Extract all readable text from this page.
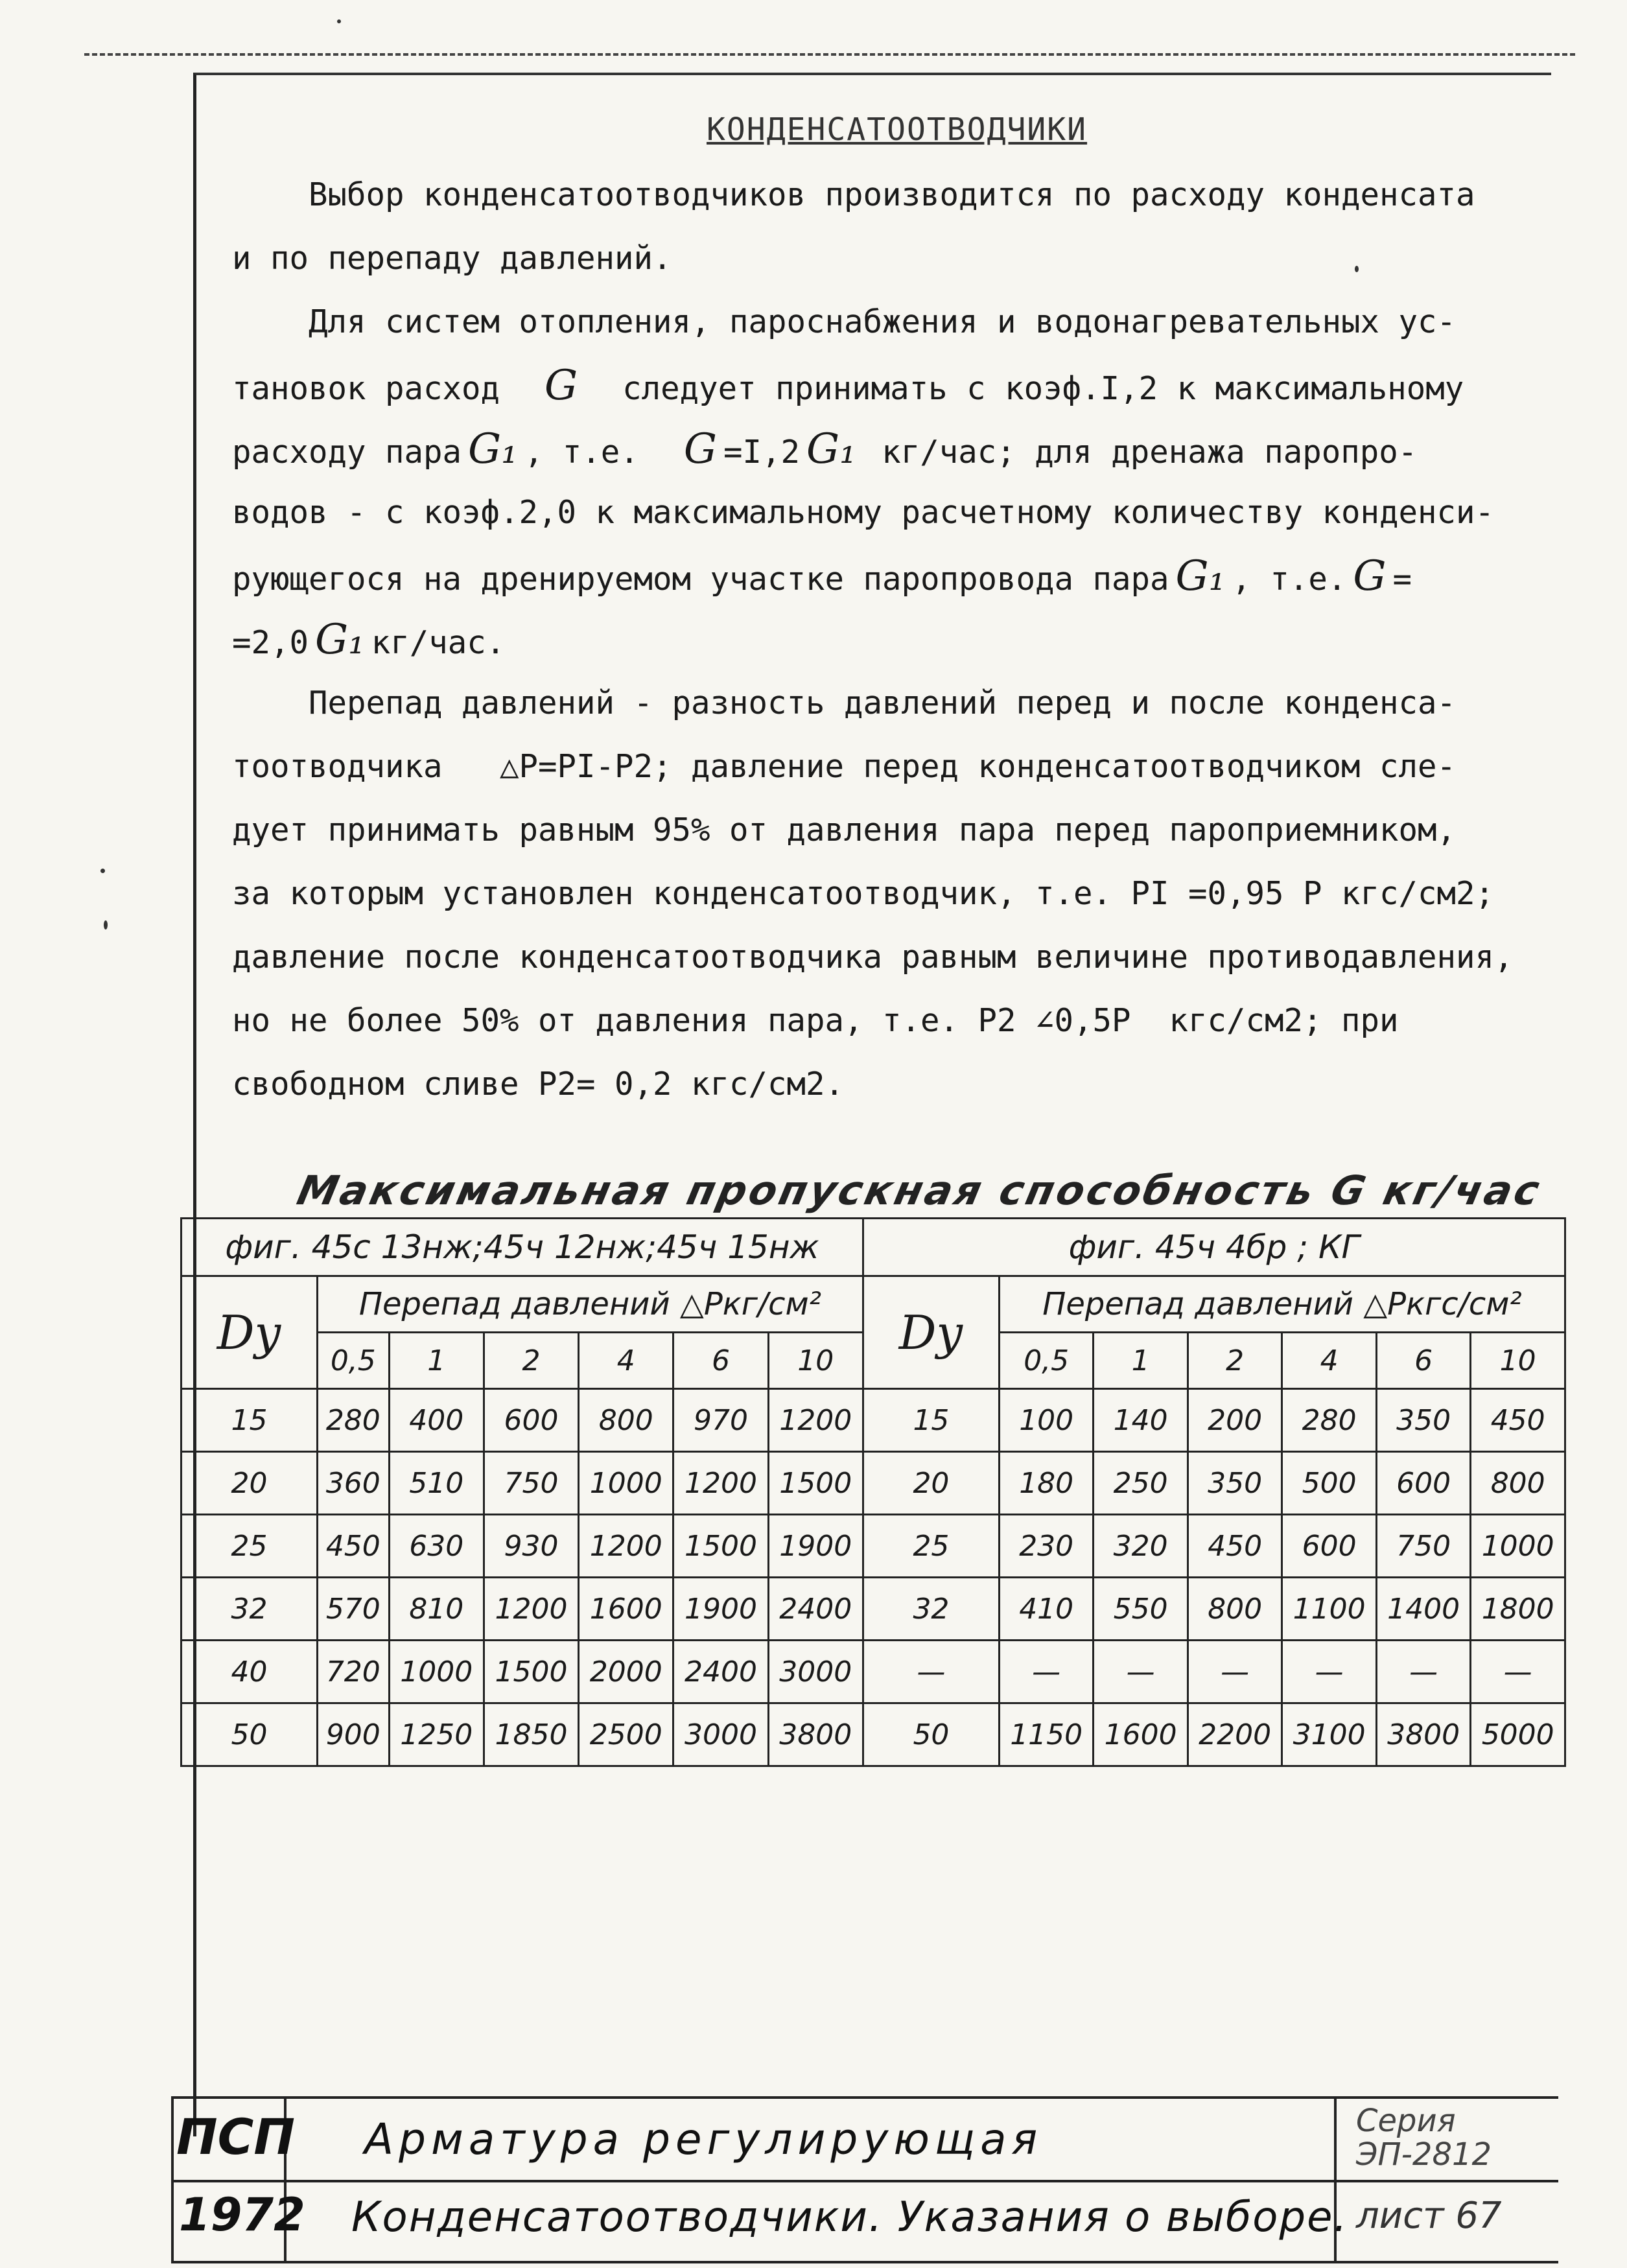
КОНДЕНСАТООТВОДЧИКИ
Выбор конденсатоотводчиков производится по расходу конденсата
и по перепаду давлений.
Для систем отопления, пароснабжения и водонагревательных ус-
тановок расход G следует принимать с коэф.I,2 к максимальному
расходу пара G₁ , т.е. G =I,2 G₁ кг/час; для дренажа паропро-
водов - с коэф.2,0 к максимальному расчетному количеству конденси-
рующегося на дренируемом участке паропровода пара G₁ , т.е. G =
=2,0 G₁ кг/час.
Перепад давлений - разность давлений перед и после конденса-
тоотводчика   △P=PI-P2; давление перед конденсатоотводчиком сле-
дует принимать равным 95% от давления пара перед пароприемником,
за которым установлен конденсатоотводчик, т.е. PI =0,95 P кгс/см2;
давление после конденсатоотводчика равным величине противодавления,
но не более 50% от давления пара, т.е. P2 ∠0,5P  кгс/см2; при
свободном сливе P2= 0,2 кгс/см2.
Максимальная пропускная способность G кг/час
фиг. 45с 13нж;45ч 12нж;45ч 15нж							фиг. 45ч 4бр ; КГ						
Dу	Перепад давлений △Pкг/см²						Dу	Перепад давлений △Pкгс/см²					
	0,5	1	2	4	6	10		0,5	1	2	4	6	10
15	280	400	600	800	970	1200	15	100	140	200	280	350	450
20	360	510	750	1000	1200	1500	20	180	250	350	500	600	800
25	450	630	930	1200	1500	1900	25	230	320	450	600	750	1000
32	570	810	1200	1600	1900	2400	32	410	550	800	1100	1400	1800
40	720	1000	1500	2000	2400	3000	—	—	—	—	—	—	—
50	900	1250	1850	2500	3000	3800	50	1150	1600	2200	3100	3800	5000
ПСП
1972
Арматура регулирующая
Конденсатоотводчики. Указания о выборе.
Серия
ЭП-2812
лист 67
